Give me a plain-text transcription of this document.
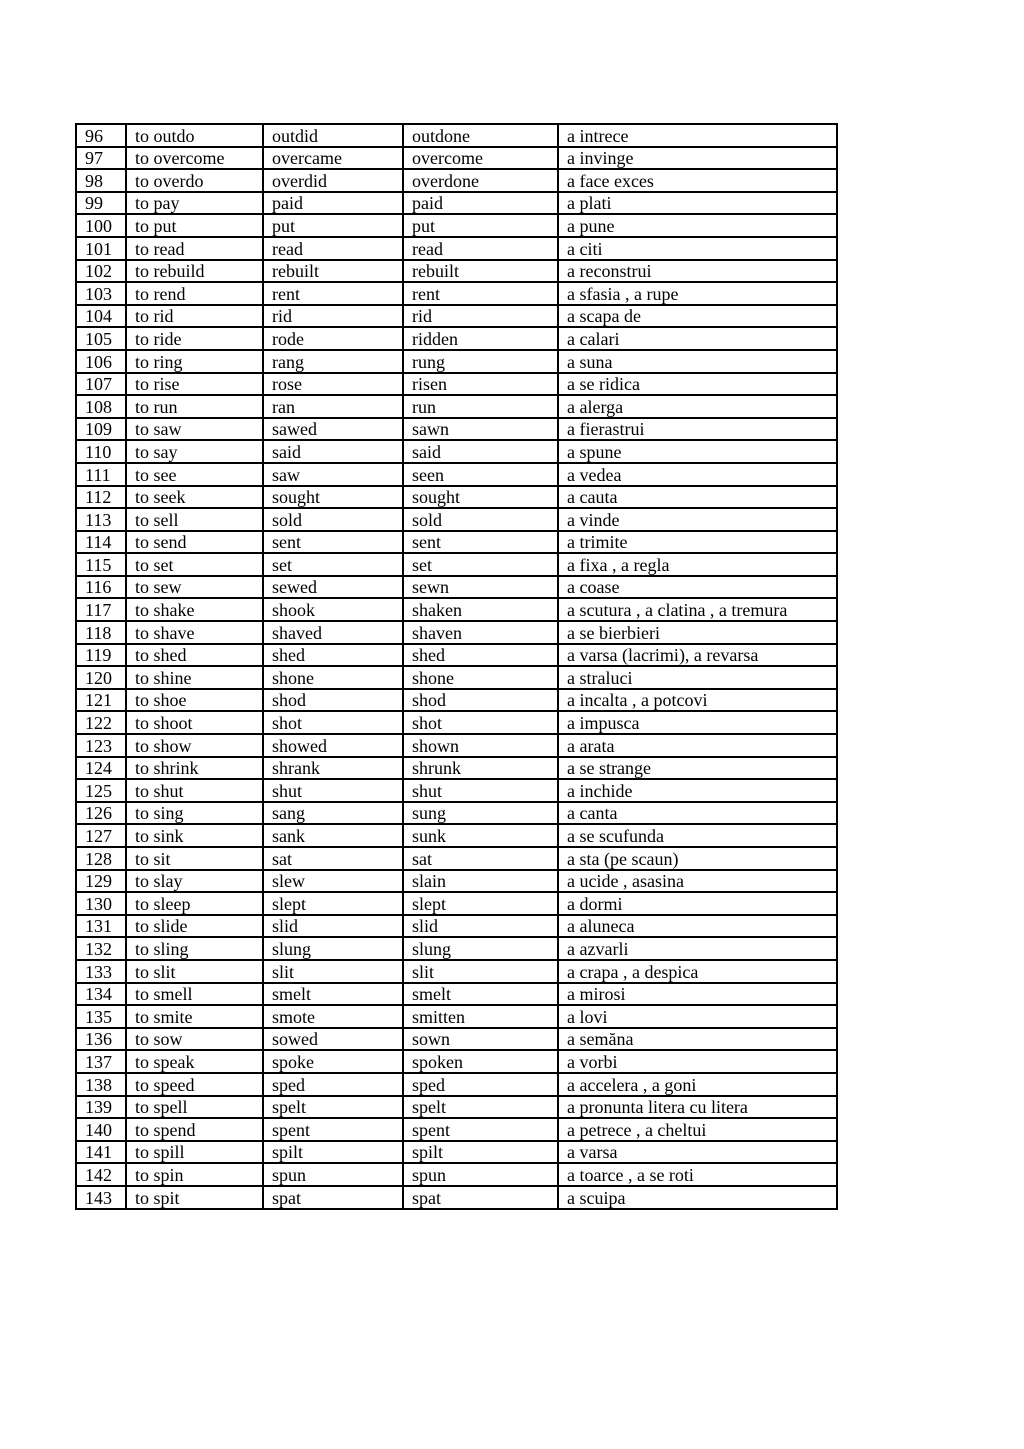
96	to outdo	outdid	outdone	a intrece
97	to overcome	overcame	overcome	a invinge
98	to overdo	overdid	overdone	a face exces
99	to pay	paid	paid	a plati
100	to put	put	put	a pune
101	to read	read	read	a citi
102	to rebuild	rebuilt	rebuilt	a reconstrui
103	to rend	rent	rent	a sfasia , a rupe
104	to rid	rid	rid	a scapa de
105	to ride	rode	ridden	a calari
106	to ring	rang	rung	a suna
107	to rise	rose	risen	a se ridica
108	to run	ran	run	a alerga
109	to saw	sawed	sawn	a fierastrui
110	to say	said	said	a spune
111	to see	saw	seen	a vedea
112	to seek	sought	sought	a cauta
113	to sell	sold	sold	a vinde
114	to send	sent	sent	a trimite
115	to set	set	set	a fixa , a regla
116	to sew	sewed	sewn	a coase
117	to shake	shook	shaken	a scutura , a clatina , a tremura
118	to shave	shaved	shaven	a se bierbieri
119	to shed	shed	shed	a varsa (lacrimi), a revarsa
120	to shine	shone	shone	a straluci
121	to shoe	shod	shod	a incalta , a potcovi
122	to shoot	shot	shot	a impusca
123	to show	showed	shown	a arata
124	to shrink	shrank	shrunk	a se strange
125	to shut	shut	shut	a inchide
126	to sing	sang	sung	a canta
127	to sink	sank	sunk	a se scufunda
128	to sit	sat	sat	a sta (pe scaun)
129	to slay	slew	slain	a ucide , asasina
130	to sleep	slept	slept	a dormi
131	to slide	slid	slid	a aluneca
132	to sling	slung	slung	a azvarli
133	to slit	slit	slit	a crapa , a despica
134	to smell	smelt	smelt	a mirosi
135	to smite	smote	smitten	a lovi
136	to sow	sowed	sown	a semăna
137	to speak	spoke	spoken	a vorbi
138	to speed	sped	sped	a accelera , a goni
139	to spell	spelt	spelt	a pronunta litera cu litera
140	to spend	spent	spent	a petrece , a cheltui
141	to spill	spilt	spilt	a varsa
142	to spin	spun	spun	a toarce , a se roti
143	to spit	spat	spat	a scuipa
